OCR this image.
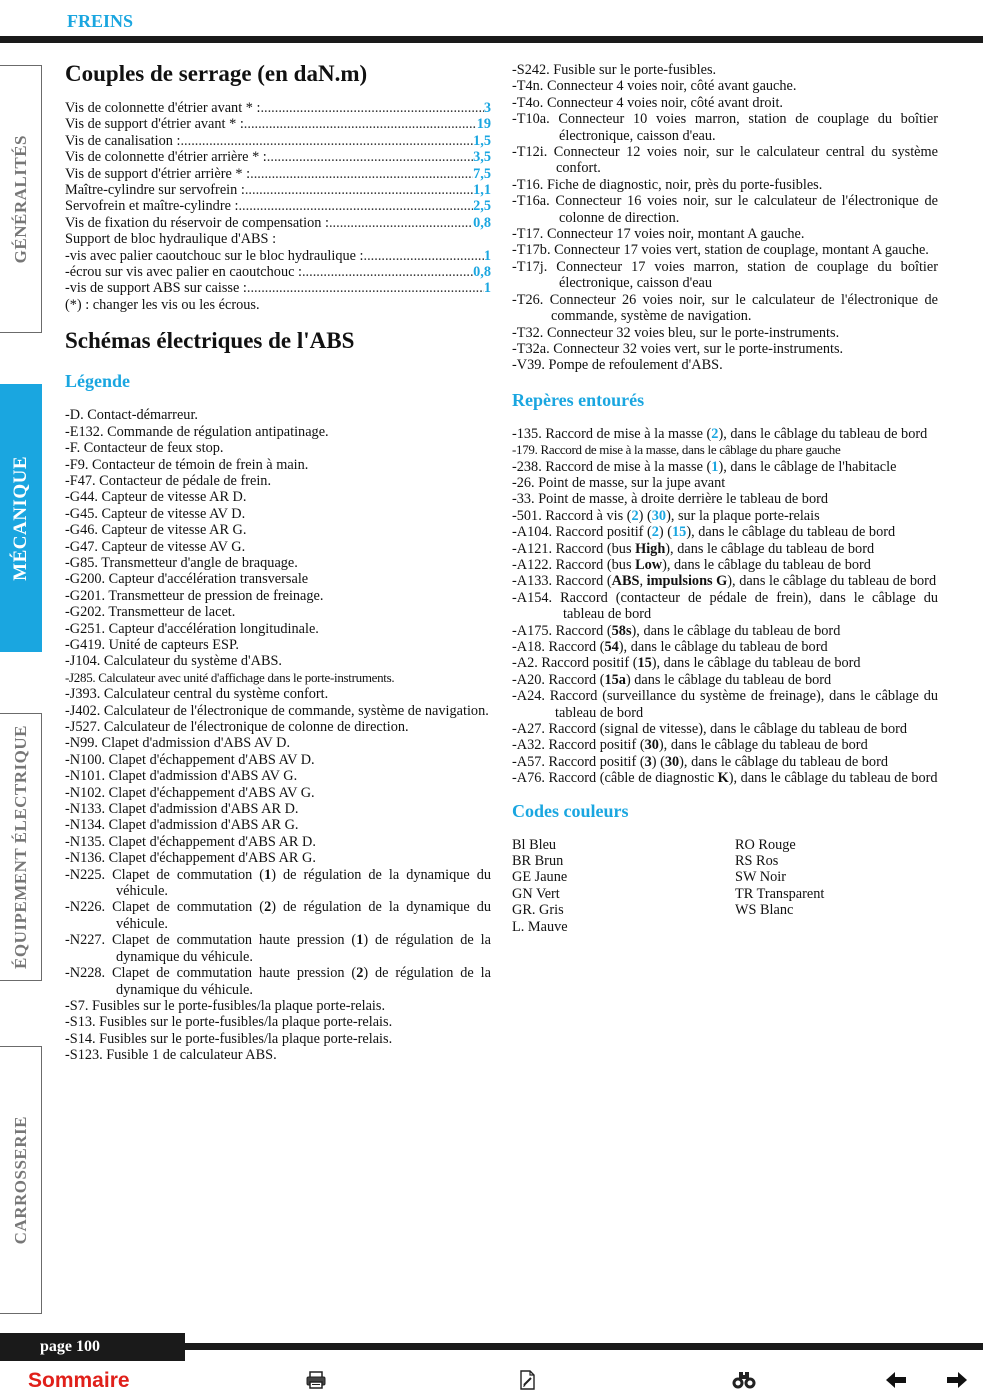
FREINS
GÉNÉRALITÉS
MÉCANIQUE
ÉQUIPEMENT ÉLECTRIQUE
CARROSSERIE
Couples de serrage (en daN.m)
Vis de colonnette d'étrier avant * : .....	3
Vis de support d'étrier avant * : .....	19
Vis de canalisation : .....	1,5
Vis de colonnette d'étrier arrière * : .....	3,5
Vis de support d'étrier arrière * : .....	7,5
Maître-cylindre sur servofrein : .....	1,1
Servofrein et maître-cylindre : .....	2,5
Vis de fixation du réservoir de compensation : .....	0,8
Support de bloc hydraulique d'ABS :
-vis avec palier caoutchouc sur le bloc hydraulique : .....	1
-écrou sur vis avec palier en caoutchouc : .....	0,8
-vis de support ABS sur caisse : .....	1
(*) : changer les vis ou les écrous.
Schémas électriques de l'ABS
Légende
-D. Contact-démarreur.
-E132. Commande de régulation antipatinage.
-F. Contacteur de feux stop.
-F9. Contacteur de témoin de frein à main.
-F47. Contacteur de pédale de frein.
-G44. Capteur de vitesse AR D.
-G45. Capteur de vitesse AV D.
-G46. Capteur de vitesse AR G.
-G47. Capteur de vitesse AV G.
-G85. Transmetteur d'angle de braquage.
-G200. Capteur d'accélération transversale
-G201. Transmetteur de pression de freinage.
-G202. Transmetteur de lacet.
-G251. Capteur d'accélération longitudinale.
-G419. Unité de capteurs ESP.
-J104. Calculateur du système d'ABS.
-J285. Calculateur avec unité d'affichage dans le porte-instruments.
-J393. Calculateur central du système confort.
-J402. Calculateur de l'électronique de commande, système de navigation.
-J527. Calculateur de l'électronique de colonne de direction.
-N99. Clapet d'admission d'ABS AV D.
-N100. Clapet d'échappement d'ABS AV D.
-N101. Clapet d'admission d'ABS AV G.
-N102. Clapet d'échappement d'ABS AV G.
-N133. Clapet d'admission d'ABS AR D.
-N134. Clapet d'admission d'ABS AR G.
-N135. Clapet d'échappement d'ABS AR D.
-N136. Clapet d'échappement d'ABS AR G.
-N225. Clapet de commutation (1) de régulation de la dynamique du véhicule.
-N226. Clapet de commutation (2) de régulation de la dynamique du véhicule.
-N227. Clapet de commutation haute pression (1) de régulation de la dynamique du véhicule.
-N228. Clapet de commutation haute pression (2) de régulation de la dynamique du véhicule.
-S7. Fusibles sur le porte-fusibles/la plaque porte-relais.
-S13. Fusibles sur le porte-fusibles/la plaque porte-relais.
-S14. Fusibles sur le porte-fusibles/la plaque porte-relais.
-S123. Fusible 1 de calculateur ABS.
-S242. Fusible sur le porte-fusibles.
-T4n. Connecteur 4 voies noir, côté avant gauche.
-T4o. Connecteur 4 voies noir, côté avant droit.
-T10a. Connecteur 10 voies marron, station de couplage du boîtier électronique, caisson d'eau.
-T12i. Connecteur 12 voies noir, sur le calculateur central du système confort.
-T16. Fiche de diagnostic, noir, près du porte-fusibles.
-T16a. Connecteur 16 voies noir, sur le calculateur de l'électronique de colonne de direction.
-T17. Connecteur 17 voies noir, montant A gauche.
-T17b. Connecteur 17 voies vert, station de couplage, montant A gauche.
-T17j. Connecteur 17 voies marron, station de couplage du boîtier électronique, caisson d'eau
-T26. Connecteur 26 voies noir, sur le calculateur de l'électronique de commande, système de navigation.
-T32. Connecteur 32 voies bleu, sur le porte-instruments.
-T32a. Connecteur 32 voies vert, sur le porte-instruments.
-V39. Pompe de refoulement d'ABS.
Repères entourés
-135. Raccord de mise à la masse (2), dans le câblage du tableau de bord
-179. Raccord de mise à la masse, dans le câblage du phare gauche
-238. Raccord de mise à la masse (1), dans le câblage de l'habitacle
-26. Point de masse, sur la jupe avant
-33. Point de masse, à droite derrière le tableau de bord
-501. Raccord à vis (2) (30), sur la plaque porte-relais
-A104. Raccord positif (2) (15), dans le câblage du tableau de bord
-A121. Raccord (bus High), dans le câblage du tableau de bord
-A122. Raccord (bus Low), dans le câblage du tableau de bord
-A133. Raccord (ABS, impulsions G), dans le câblage du tableau de bord
-A154. Raccord (contacteur de pédale de frein), dans le câblage du tableau de bord
-A175. Raccord (58s), dans le câblage du tableau de bord
-A18. Raccord (54), dans le câblage du tableau de bord
-A2. Raccord positif (15), dans le câblage du tableau de bord
-A20. Raccord (15a) dans le câblage du tableau de bord
-A24. Raccord (surveillance du système de freinage), dans le câblage du tableau de bord
-A27. Raccord (signal de vitesse), dans le câblage du tableau de bord
-A32. Raccord positif (30), dans le câblage du tableau de bord
-A57. Raccord positif (3) (30), dans le câblage du tableau de bord
-A76. Raccord (câble de diagnostic K), dans le câblage du tableau de bord
Codes couleurs
Bl Bleu
BR Brun
GE Jaune
GN Vert
GR. Gris
L. Mauve
RO Rouge
RS Ros
SW Noir
TR Transparent
WS Blanc
page 100
Sommaire
